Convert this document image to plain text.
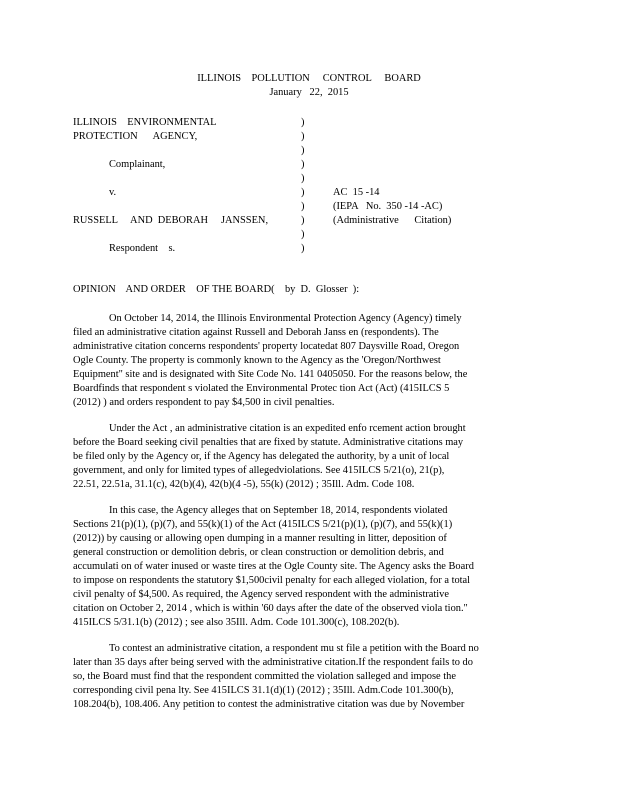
ILLINOIS    POLLUTION     CONTROL     BOARD
January   22,  2015
ILLINOIS    ENVIRONMENTAL
PROTECTION      AGENCY,
Complainant,
v.
RUSSELL     AND  DEBORAH     JANSSEN,
Respondent    s.
)
)
)
)
)
)
)
)
)
)
AC  15 -14
(IEPA   No.  350 -14 -AC)
(Administrative      Citation)
OPINION    AND ORDER    OF THE BOARD(    by  D.  Glosser  ):
On October 14, 2014, the Illinois Environmental Protection Agency (Agency) timely
filed an administrative citation against Russell and Deborah Janss en (respondents). The
administrative citation concerns respondents' property locatedat 807 Daysville Road, Oregon
Ogle County. The property is commonly known to the Agency as the 'Oregon/Northwest
Equipment" site and is designated with Site Code No. 141 0405050. For the reasons below, the
Boardfinds that respondent s violated the Environmental Protec tion Act (Act) (415ILCS 5
(2012) ) and orders respondent to pay $4,500 in civil penalties.
Under the Act , an administrative citation is an expedited enfo rcement action brought
before the Board seeking civil penalties that are fixed by statute. Administrative citations may
be filed only by the Agency or, if the Agency has delegated the authority, by a unit of local
government, and only for limited types of allegedviolations. See 415ILCS 5/21(o), 21(p),
22.51, 22.51a, 31.1(c), 42(b)(4), 42(b)(4 -5), 55(k) (2012) ; 35Ill. Adm. Code 108.
In this case, the Agency alleges that on September 18, 2014, respondents violated
Sections 21(p)(1), (p)(7), and 55(k)(1) of the Act (415ILCS 5/21(p)(1), (p)(7), and 55(k)(1)
(2012)) by causing or allowing open dumping in a manner resulting in litter, deposition of
general construction or demolition debris, or clean construction or demolition debris, and
accumulati on of water inused or waste tires at the Ogle County site. The Agency asks the Board
to impose on respondents the statutory $1,500civil penalty for each alleged violation, for a total
civil penalty of $4,500. As required, the Agency served respondent with the administrative
citation on October 2, 2014 , which is within '60 days after the date of the observed viola tion."
415ILCS 5/31.1(b) (2012) ; see also 35Ill. Adm. Code 101.300(c), 108.202(b).
To contest an administrative citation, a respondent mu st file a petition with the Board no
later than 35 days after being served with the administrative citation.If the respondent fails to do
so, the Board must find that the respondent committed the violation salleged and impose the
corresponding civil pena lty. See 415ILCS 31.1(d)(1) (2012) ; 35Ill. Adm.Code 101.300(b),
108.204(b), 108.406. Any petition to contest the administrative citation was due by November
